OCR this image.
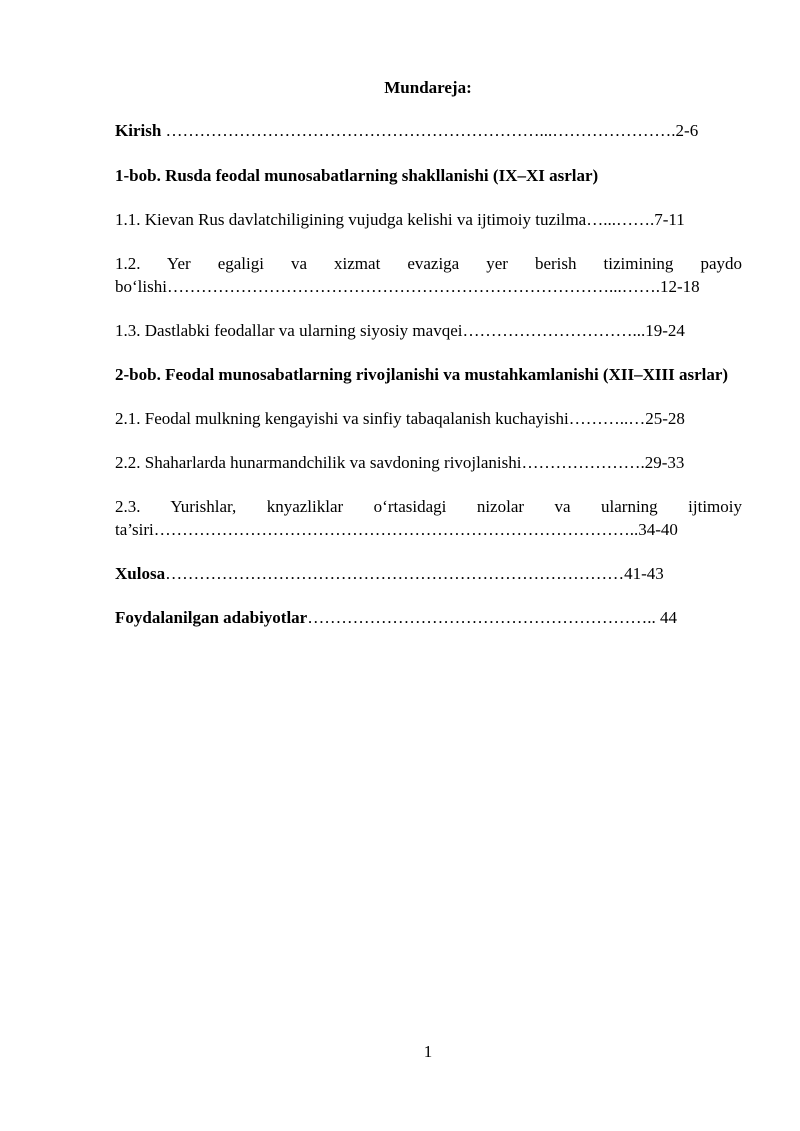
Mundareja:

Kirish …………………………………………………………...………………….2-6

1-bob. Rusda feodal munosabatlarning shakllanishi (IX–XI asrlar)

1.1. Kievan Rus davlatchiligining vujudga kelishi va ijtimoiy tuzilma…...…….7-11

1.2. Yer egaligi va xizmat evaziga yer berish tizimining paydo bo‘lishi……………………………………………………………………...…….12-18

1.3. Dastlabki feodallar va ularning siyosiy mavqei…………………………...19-24

2-bob. Feodal munosabatlarning rivojlanishi va mustahkamlanishi (XII–XIII asrlar)

2.1. Feodal mulkning kengayishi va sinfiy tabaqalanish kuchayishi………..…25-28

2.2. Shaharlarda hunarmandchilik va savdoning rivojlanishi………………….29-33

2.3. Yurishlar, knyazliklar o‘rtasidagi nizolar va ularning ijtimoiy ta’siri…………………………………………………………………………..34-40

Xulosa………………………………………………………………………41-43

Foydalanilgan adabiyotlar…………………………………………………….. 44

1
